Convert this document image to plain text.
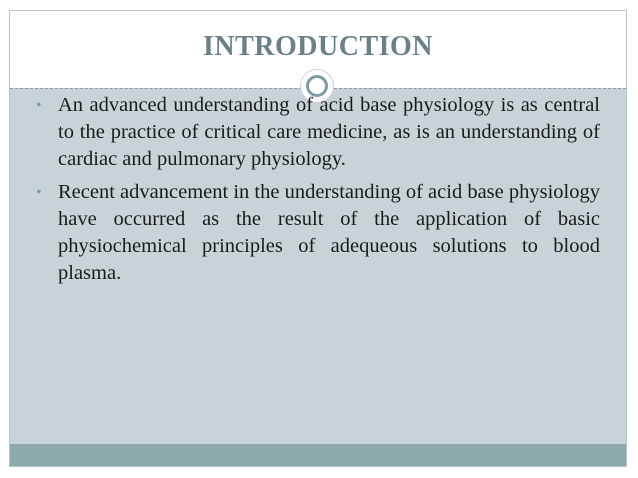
INTRODUCTION
• An advanced understanding of acid base physiology is as central to the practice of critical care medicine, as is an understanding of cardiac and pulmonary physiology.
• Recent advancement in the understanding of acid base physiology have occurred as the result of the application of basic physiochemical principles of adequeous solutions to blood plasma.
